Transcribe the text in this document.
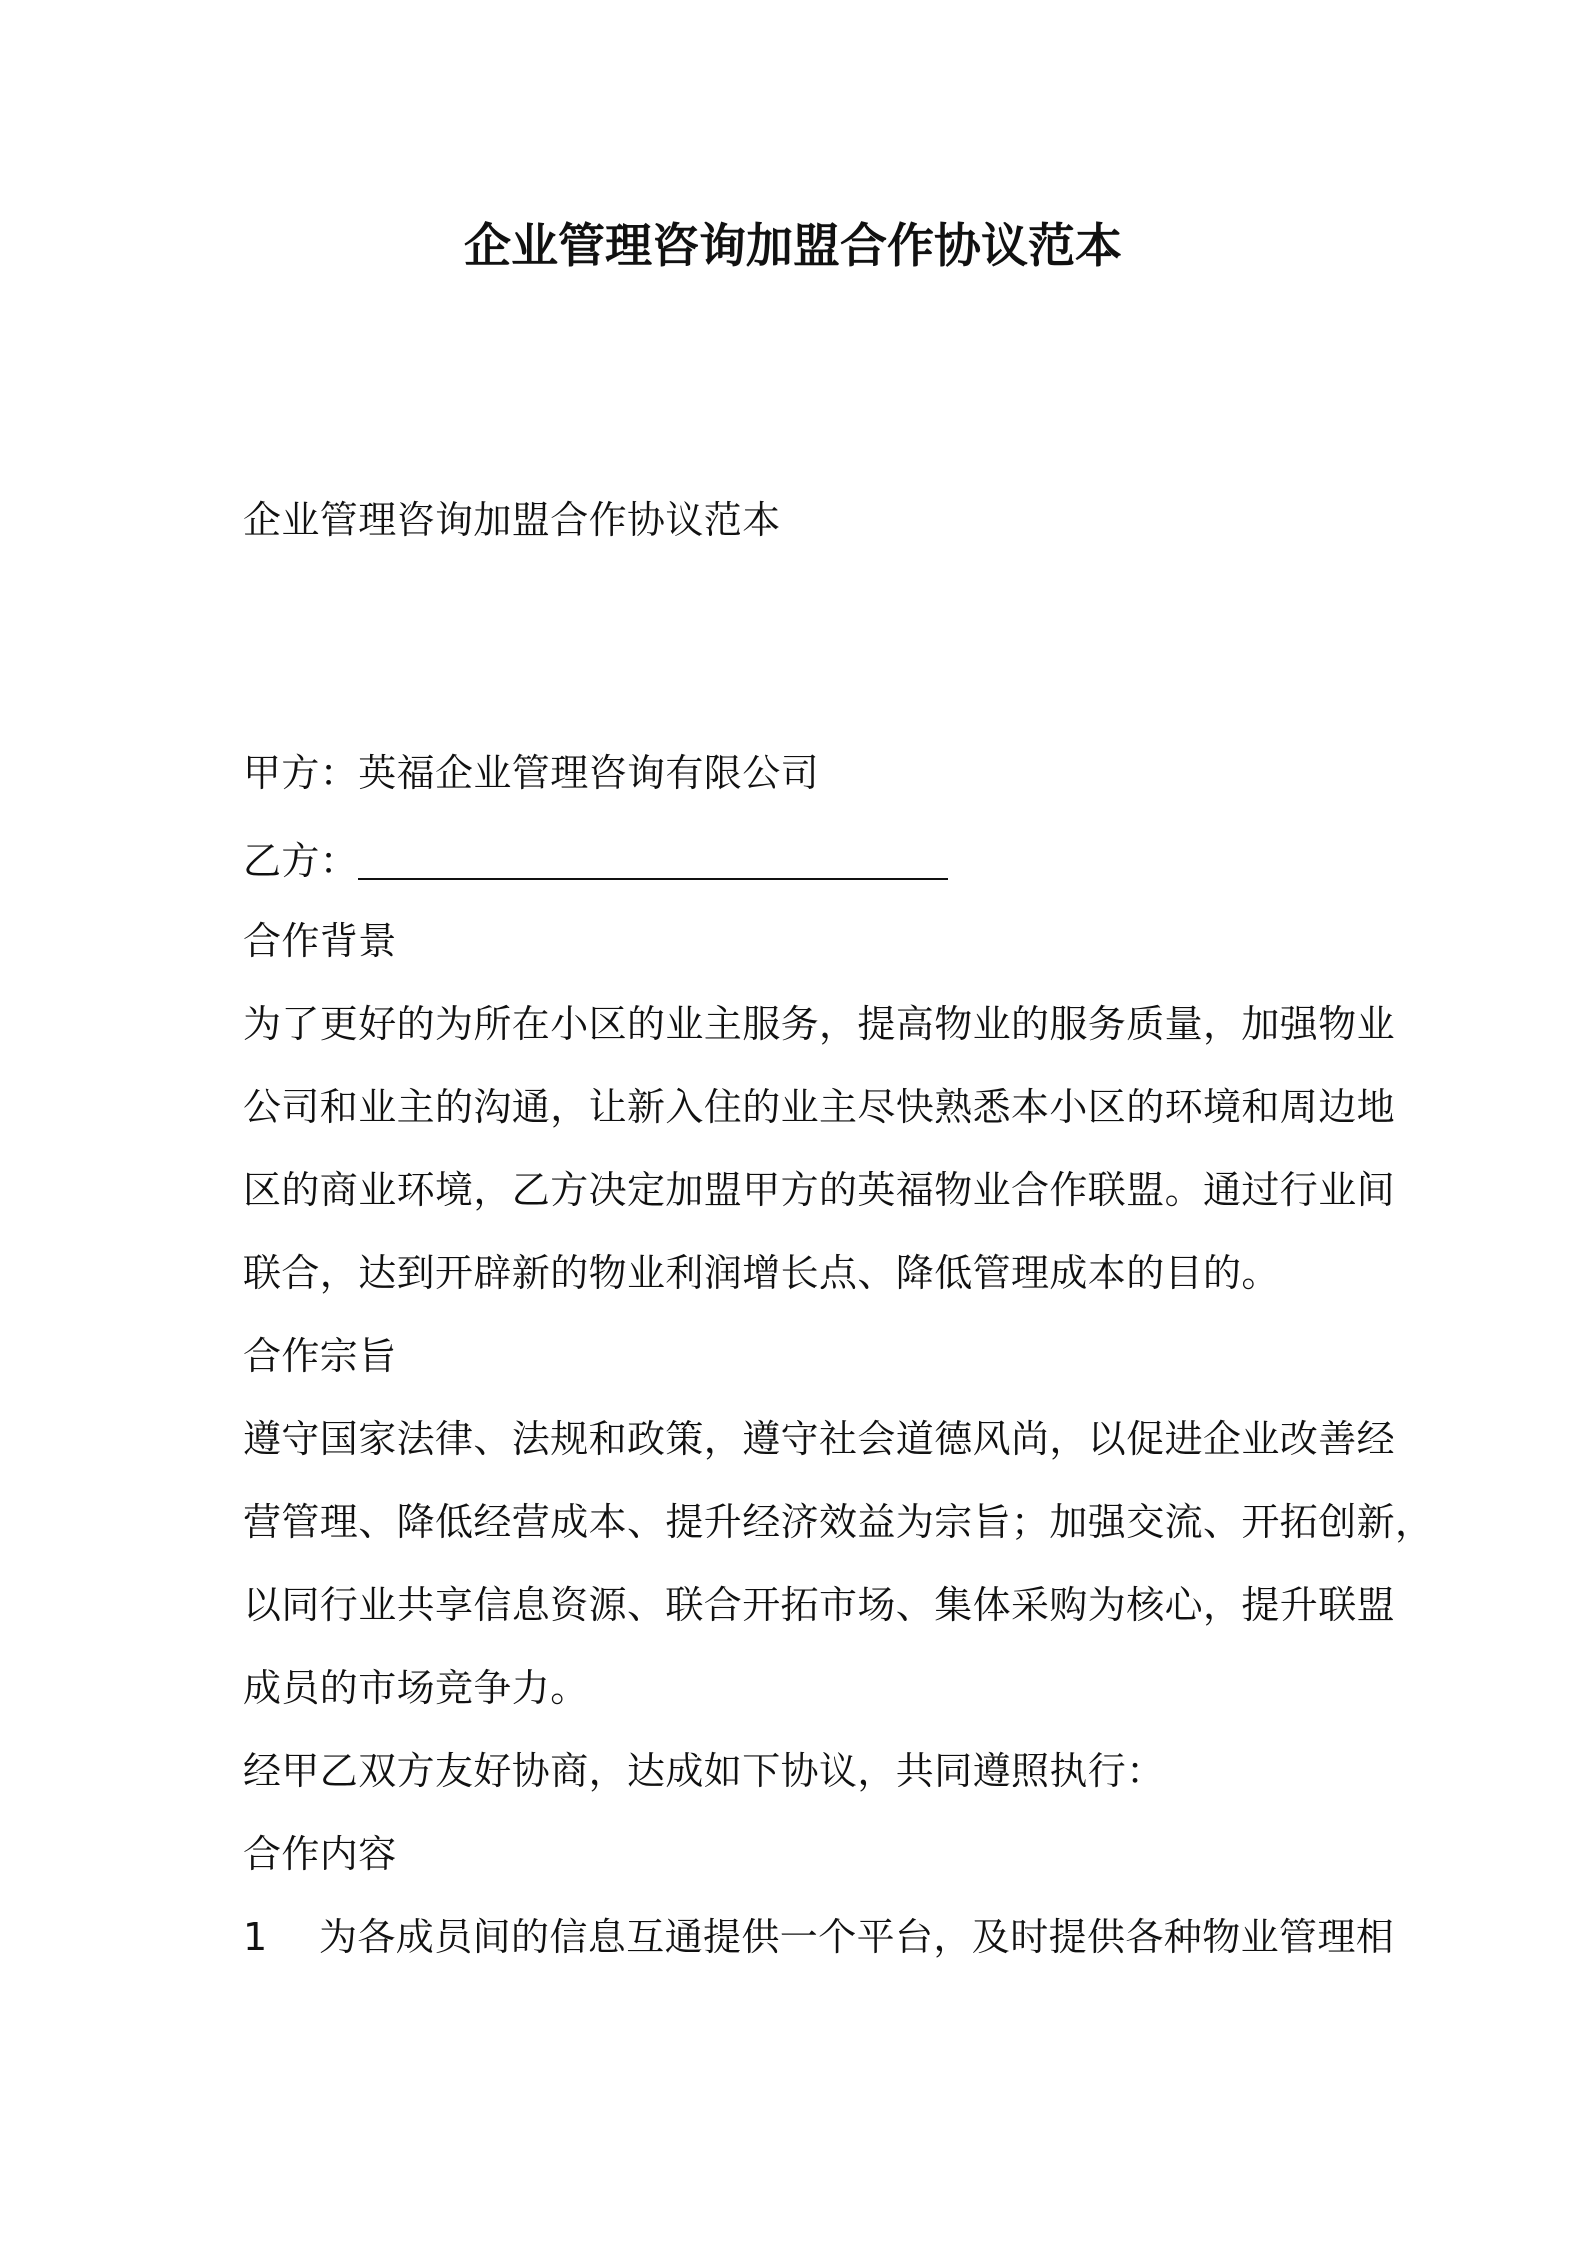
企业管理咨询加盟合作协议范本
企业管理咨询加盟合作协议范本
甲方：英福企业管理咨询有限公司
乙方：
合作背景
为了更好的为所在小区的业主服务，提高物业的服务质量，加强物业
公司和业主的沟通，让新入住的业主尽快熟悉本小区的环境和周边地
区的商业环境，乙方决定加盟甲方的英福物业合作联盟。通过行业间
联合，达到开辟新的物业利润增长点、降低管理成本的目的。
合作宗旨
遵守国家法律、法规和政策，遵守社会道德风尚，以促进企业改善经
营管理、降低经营成本、提升经济效益为宗旨；加强交流、开拓创新，
以同行业共享信息资源、联合开拓市场、集体采购为核心，提升联盟
成员的市场竞争力。
经甲乙双方友好协商，达成如下协议，共同遵照执行：
合作内容
1 为各成员间的信息互通提供一个平台，及时提供各种物业管理相
